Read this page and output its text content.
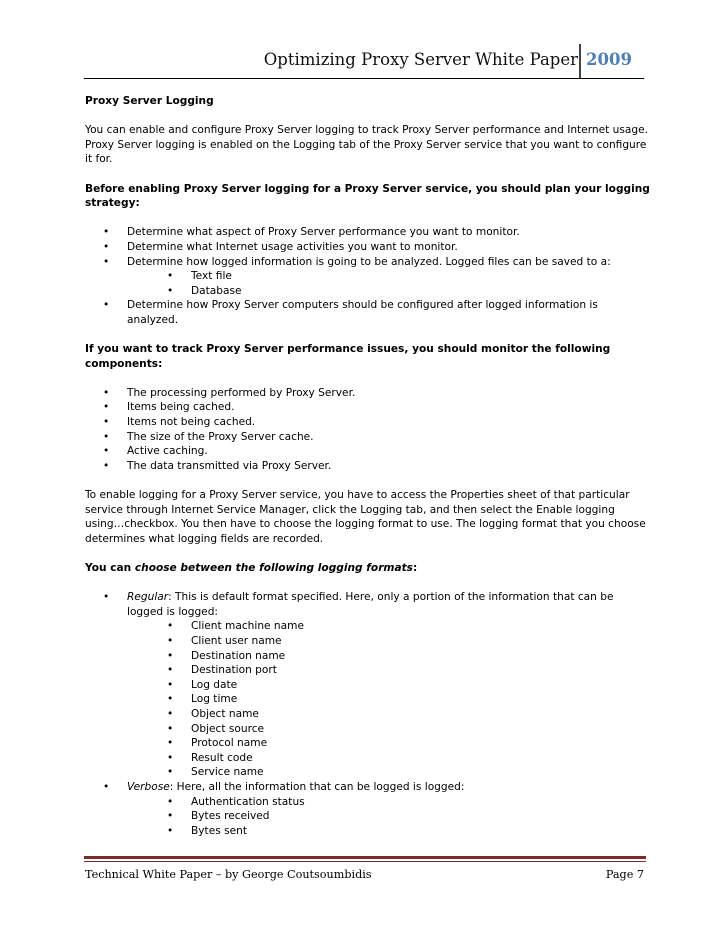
Optimizing Proxy Server White Paper 2009

Proxy Server Logging

You can enable and configure Proxy Server logging to track Proxy Server performance and Internet usage. Proxy Server logging is enabled on the Logging tab of the Proxy Server service that you want to configure it for.

Before enabling Proxy Server logging for a Proxy Server service, you should plan your logging strategy:

• Determine what aspect of Proxy Server performance you want to monitor.
• Determine what Internet usage activities you want to monitor.
• Determine how logged information is going to be analyzed. Logged files can be saved to a:
• Text file
• Database
• Determine how Proxy Server computers should be configured after logged information is analyzed.

If you want to track Proxy Server performance issues, you should monitor the following components:

• The processing performed by Proxy Server.
• Items being cached.
• Items not being cached.
• The size of the Proxy Server cache.
• Active caching.
• The data transmitted via Proxy Server.

To enable logging for a Proxy Server service, you have to access the Properties sheet of that particular service through Internet Service Manager, click the Logging tab, and then select the Enable logging using…checkbox. You then have to choose the logging format to use. The logging format that you choose determines what logging fields are recorded.

You can choose between the following logging formats:

• Regular: This is default format specified. Here, only a portion of the information that can be logged is logged:
• Client machine name
• Client user name
• Destination name
• Destination port
• Log date
• Log time
• Object name
• Object source
• Protocol name
• Result code
• Service name
• Verbose: Here, all the information that can be logged is logged:
• Authentication status
• Bytes received
• Bytes sent
Technical White Paper – by George Coutsoumbidis	Page 7
